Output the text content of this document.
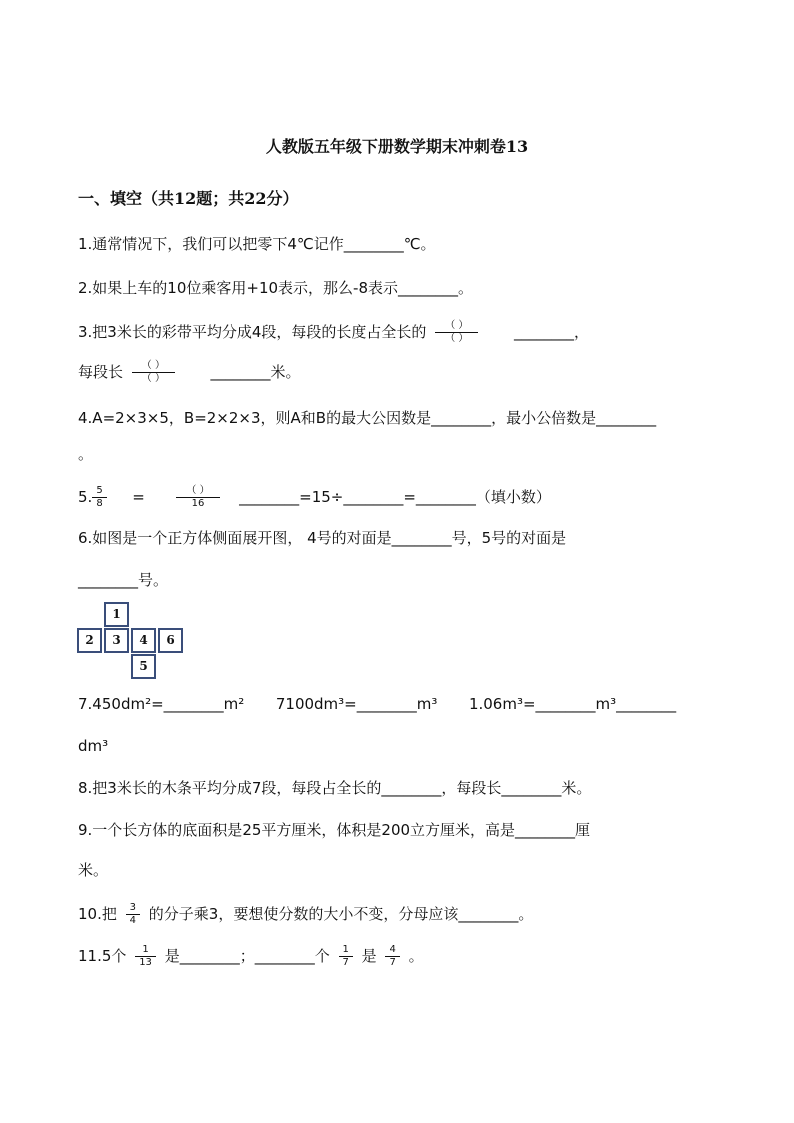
人教版五年级下册数学期末冲刺卷13
一、填空（共12题；共22分）
1.通常情况下，我们可以把零下4℃记作________℃。
2.如果上车的10位乘客用+10表示，那么-8表示________。
3.把3米长的彩带平均分成4段，每段的长度占全长的 $\frac{( )}{( )}$ ________，
每段长 $\frac{( )}{( )}$ ________米。
4.A=2×3×5，B=2×2×3，则A和B的最大公因数是________，最小公倍数是________
。
5. $\frac{5}{8}$ =	$\frac{( )}{16}$ ________=15÷________=________（填小数）
6.如图是一个正方体侧面展开图， 4号的对面是________号，5号的对面是
________号。
1
2	3	4	6
5
7.450dm²=________m² 7100dm³=________m³ 1.06m³=________m³________
dm³
8.把3米长的木条平均分成7段，每段占全长的________，每段长________米。
9.一个长方体的底面积是25平方厘米，体积是200立方厘米，高是________厘
米。
10.把 $\frac{3}{4}$ 的分子乘3，要想使分数的大小不变，分母应该________。
11.5个 $\frac{1}{13}$ 是________；________个 $\frac{1}{7}$ 是 $\frac{4}{7}$ 。
